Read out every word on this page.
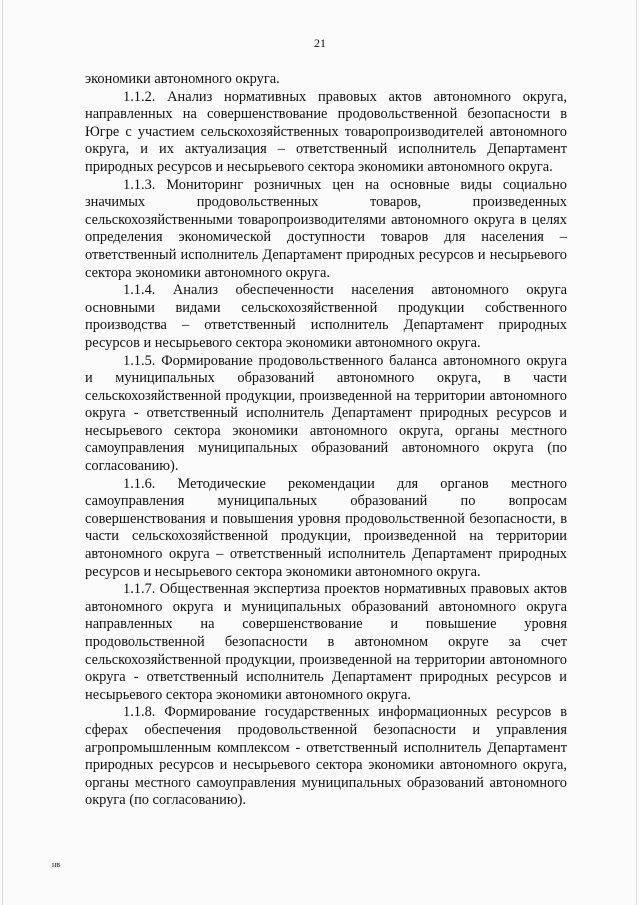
21

экономики автономного округа.

1.1.2. Анализ нормативных правовых актов автономного округа, направленных на совершенствование продовольственной безопасности в Югре с участием сельскохозяйственных товаропроизводителей автономного округа, и их актуализация – ответственный исполнитель Департамент природных ресурсов и несырьевого сектора экономики автономного округа.

1.1.3. Мониторинг розничных цен на основные виды социально значимых продовольственных товаров, произведенных сельскохозяйственными товаропроизводителями автономного округа в целях определения экономической доступности товаров для населения – ответственный исполнитель Департамент природных ресурсов и несырьевого сектора экономики автономного округа.

1.1.4. Анализ обеспеченности населения автономного округа основными видами сельскохозяйственной продукции собственного производства – ответственный исполнитель Департамент природных ресурсов и несырьевого сектора экономики автономного округа.

1.1.5. Формирование продовольственного баланса автономного округа и муниципальных образований автономного округа, в части сельскохозяйственной продукции, произведенной на территории автономного округа - ответственный исполнитель Департамент природных ресурсов и несырьевого сектора экономики автономного округа, органы местного самоуправления муниципальных образований автономного округа (по согласованию).

1.1.6. Методические рекомендации для органов местного самоуправления муниципальных образований по вопросам совершенствования и повышения уровня продовольственной безопасности, в части сельскохозяйственной продукции, произведенной на территории автономного округа – ответственный исполнитель Департамент природных ресурсов и несырьевого сектора экономики автономного округа.

1.1.7. Общественная экспертиза проектов нормативных правовых актов автономного округа и муниципальных образований автономного округа направленных на совершенствование и повышение уровня продовольственной безопасности в автономном округе за счет сельскохозяйственной продукции, произведенной на территории автономного округа - ответственный исполнитель Департамент природных ресурсов и несырьевого сектора экономики автономного округа.

1.1.8. Формирование государственных информационных ресурсов в сферах обеспечения продовольственной безопасности и управления агропромышленным комплексом - ответственный исполнитель Департамент природных ресурсов и несырьевого сектора экономики автономного округа, органы местного самоуправления муниципальных образований автономного округа (по согласованию).

нв
